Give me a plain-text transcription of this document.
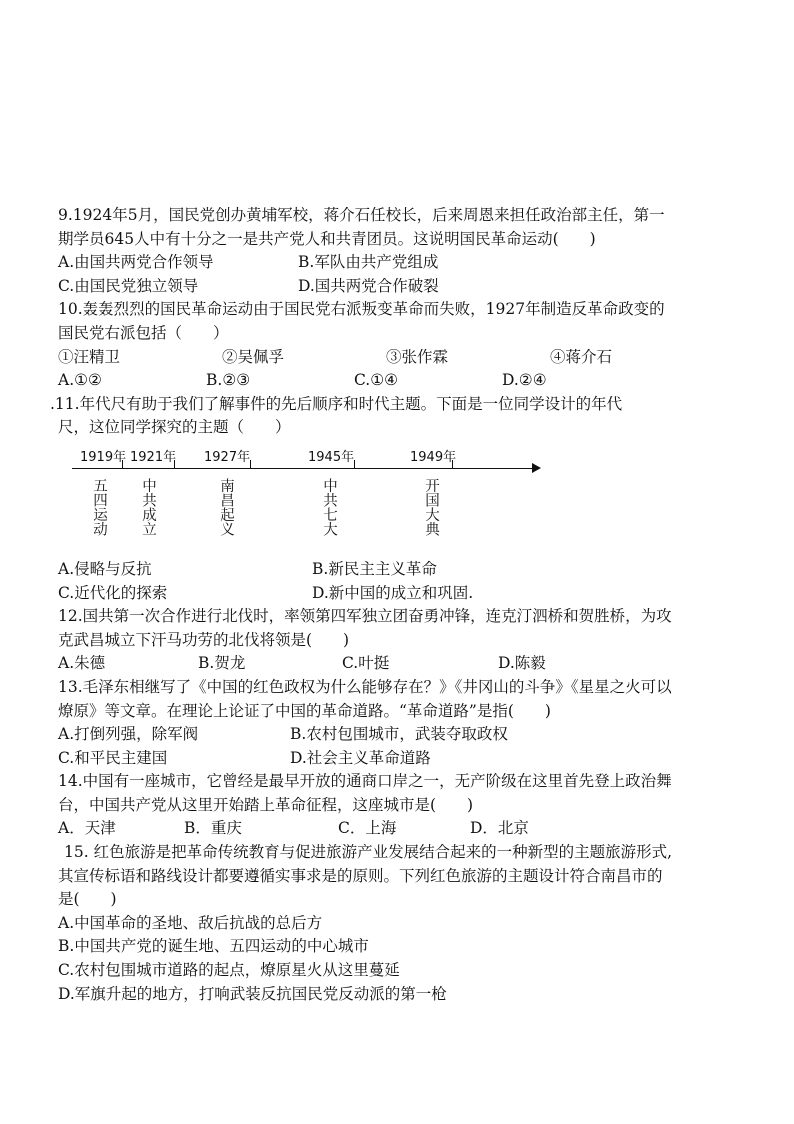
9.1924年5月，国民党创办黄埔军校，蒋介石任校长，后来周恩来担任政治部主任，第一
期学员645人中有十分之一是共产党人和共青团员。这说明国民革命运动(　　)
A.由国共两党合作领导	B.军队由共产党组成
C.由国民党独立领导	D.国共两党合作破裂
10.轰轰烈烈的国民革命运动由于国民党右派叛变革命而失败，1927年制造反革命政变的
国民党右派包括（　　）
①汪精卫	②吴佩孚	③张作霖	④蒋介石
A.①②	B.②③	C.①④	D.②④
.11.年代尺有助于我们了解事件的先后顺序和时代主题。下面是一位同学设计的年代
尺，这位同学探究的主题（　　）
1919年 1921年 1927年	1945年	1949年
五四运动 中共成立	南昌起义	中共七大	开国大典
A.侵略与反抗	B.新民主主义革命
C.近代化的探索	D.新中国的成立和巩固.
12.国共第一次合作进行北伐时，率领第四军独立团奋勇冲锋，连克汀泗桥和贺胜桥，为攻
克武昌城立下汗马功劳的北伐将领是(　　)
A.朱德	B.贺龙	C.叶挺	D.陈毅
13.毛泽东相继写了《中国的红色政权为什么能够存在？》《井冈山的斗争》《星星之火可以
燎原》等文章。在理论上论证了中国的革命道路。“革命道路”是指(　　)
A.打倒列强，除军阀	B.农村包围城市，武装夺取政权
C.和平民主建国	D.社会主义革命道路
14.中国有一座城市，它曾经是最早开放的通商口岸之一，无产阶级在这里首先登上政治舞
台，中国共产党从这里开始踏上革命征程，这座城市是(　　)
A．天津	B．重庆	C．上海	D．北京
15. 红色旅游是把革命传统教育与促进旅游产业发展结合起来的一种新型的主题旅游形式,
其宣传标语和路线设计都要遵循实事求是的原则。下列红色旅游的主题设计符合南昌市的
是(　　)
A.中国革命的圣地、敌后抗战的总后方
B.中国共产党的诞生地、五四运动的中心城市
C.农村包围城市道路的起点，燎原星火从这里蔓延
D.军旗升起的地方，打响武装反抗国民党反动派的第一枪
